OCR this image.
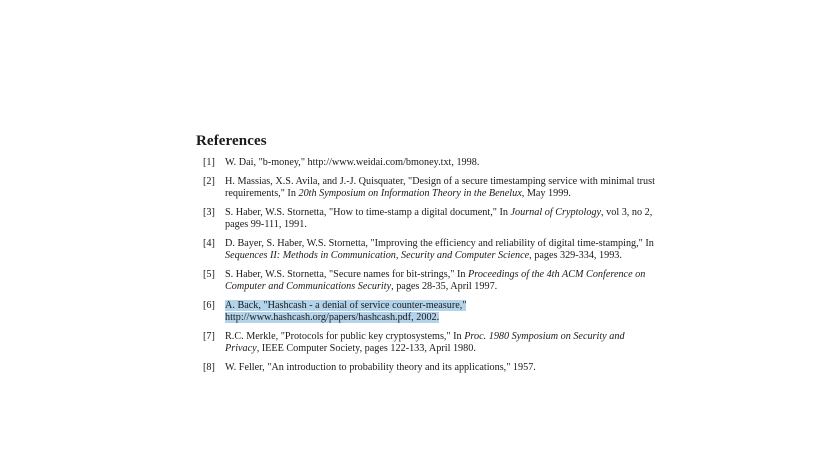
References
[1] W. Dai, "b-money," http://www.weidai.com/bmoney.txt, 1998.
[2] H. Massias, X.S. Avila, and J.-J. Quisquater, "Design of a secure timestamping service with minimal trust requirements," In 20th Symposium on Information Theory in the Benelux, May 1999.
[3] S. Haber, W.S. Stornetta, "How to time-stamp a digital document," In Journal of Cryptology, vol 3, no 2, pages 99-111, 1991.
[4] D. Bayer, S. Haber, W.S. Stornetta, "Improving the efficiency and reliability of digital time-stamping," In Sequences II: Methods in Communication, Security and Computer Science, pages 329-334, 1993.
[5] S. Haber, W.S. Stornetta, "Secure names for bit-strings," In Proceedings of the 4th ACM Conference on Computer and Communications Security, pages 28-35, April 1997.
[6] A. Back, "Hashcash - a denial of service counter-measure," http://www.hashcash.org/papers/hashcash.pdf, 2002.
[7] R.C. Merkle, "Protocols for public key cryptosystems," In Proc. 1980 Symposium on Security and Privacy, IEEE Computer Society, pages 122-133, April 1980.
[8] W. Feller, "An introduction to probability theory and its applications," 1957.
